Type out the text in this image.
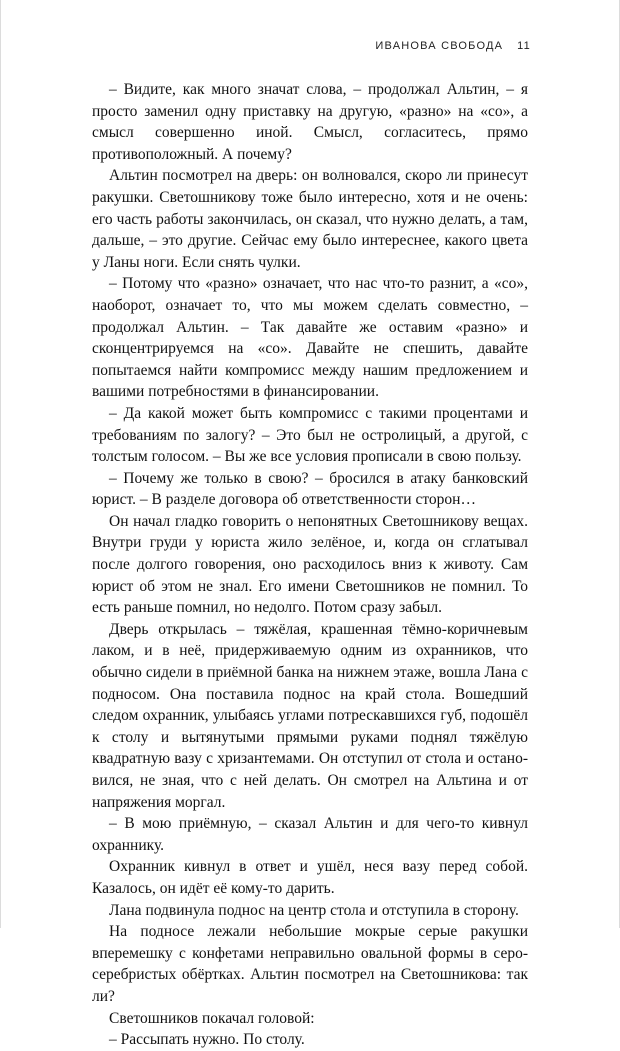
ИВАНОВА СВОБОДА 11

– Видите, как много значат слова, – продолжал Альтин, – я просто заменил одну приставку на другую, «разно» на «со», а смысл совершенно иной. Смысл, согласитесь, прямо противоположный. А почему?

Альтин посмотрел на дверь: он волновался, скоро ли принесут ракушки. Светошникову тоже было интересно, хотя и не очень: его часть работы закончилась, он сказал, что нужно делать, а там, дальше, – это другие. Сейчас ему было интереснее, какого цвета у Ланы ноги. Если снять чулки.

– Потому что «разно» означает, что нас что-то разнит, а «со», наоборот, означает то, что мы можем сделать совместно, – продолжал Альтин. – Так давайте же оставим «разно» и сконцентрируемся на «со». Давайте не спешить, давайте попытаемся найти компромисс между нашим предложением и вашими потребностями в финансировании.

– Да какой может быть компромисс с такими процентами и требованиям по залогу? – Это был не остролицый, а другой, с толстым голосом. – Вы же все условия прописали в свою пользу.

– Почему же только в свою? – бросился в атаку банковский юрист. – В разделе договора об ответственности сторон…

Он начал гладко говорить о непонятных Светошникову вещах. Внутри груди у юриста жило зелёное, и, когда он сглатывал после долгого говорения, оно расходилось вниз к животу. Сам юрист об этом не знал. Его имени Светошников не помнил. То есть раньше помнил, но недолго. Потом сразу забыл.

Дверь открылась – тяжёлая, крашенная тёмно-коричневым лаком, и в неё, придерживаемую одним из охранников, что обычно сидели в приёмной банка на нижнем этаже, вошла Лана с подносом. Она поставила поднос на край стола. Вошедший следом охранник, улыбаясь углами потрескавшихся губ, подошёл к столу и вытянутыми прямыми руками поднял тяжёлую квадратную вазу с хризантемами. Он отступил от стола и остановился, не зная, что с ней делать. Он смотрел на Альтина и от напряжения моргал.

– В мою приёмную, – сказал Альтин и для чего-то кивнул охраннику.

Охранник кивнул в ответ и ушёл, неся вазу перед собой. Казалось, он идёт её кому-то дарить.

Лана подвинула поднос на центр стола и отступила в сторону.

На подносе лежали небольшие мокрые серые ракушки вперемешку с конфетами неправильно овальной формы в серо-серебристых обёртках. Альтин посмотрел на Светошникова: так ли?

Светошников покачал головой:

– Рассыпать нужно. По столу.
